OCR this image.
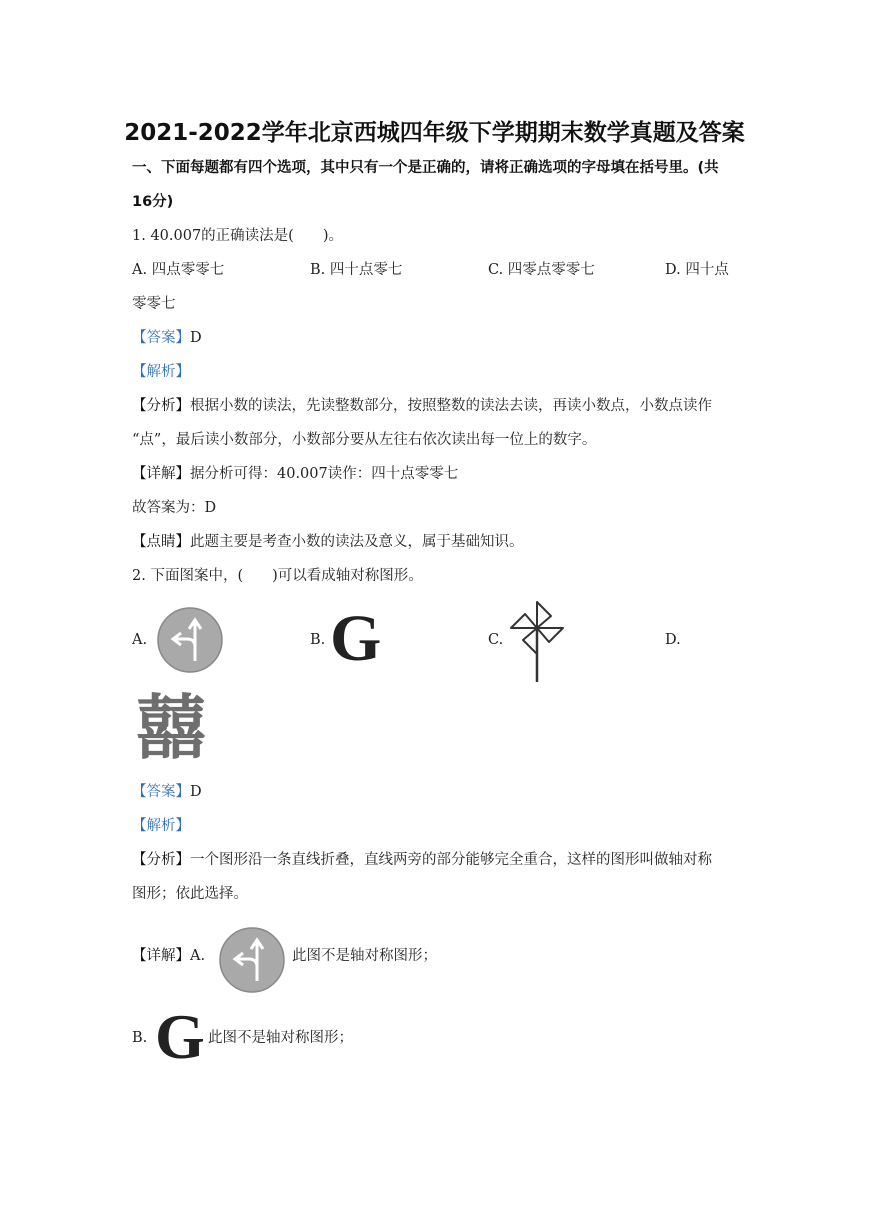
2021-2022学年北京西城四年级下学期期末数学真题及答案
一、下面每题都有四个选项，其中只有一个是正确的，请将正确选项的字母填在括号里。(共
16分)
1. 40.007的正确读法是(　　)。
A. 四点零零七	B. 四十点零七	C. 四零点零零七	D. 四十点
零零七
【答案】D
【解析】
【分析】根据小数的读法，先读整数部分，按照整数的读法去读，再读小数点，小数点读作
“点”，最后读小数部分，小数部分要从左往右依次读出每一位上的数字。
【详解】据分析可得：40.007读作：四十点零零七
故答案为：D
【点睛】此题主要是考查小数的读法及意义，属于基础知识。
2. 下面图案中，(　　)可以看成轴对称图形。
A.	B. G	C.	D.
囍
【答案】D
【解析】
【分析】一个图形沿一条直线折叠，直线两旁的部分能够完全重合，这样的图形叫做轴对称
图形；依此选择。
【详解】A.	此图不是轴对称图形；
B. G 此图不是轴对称图形；
